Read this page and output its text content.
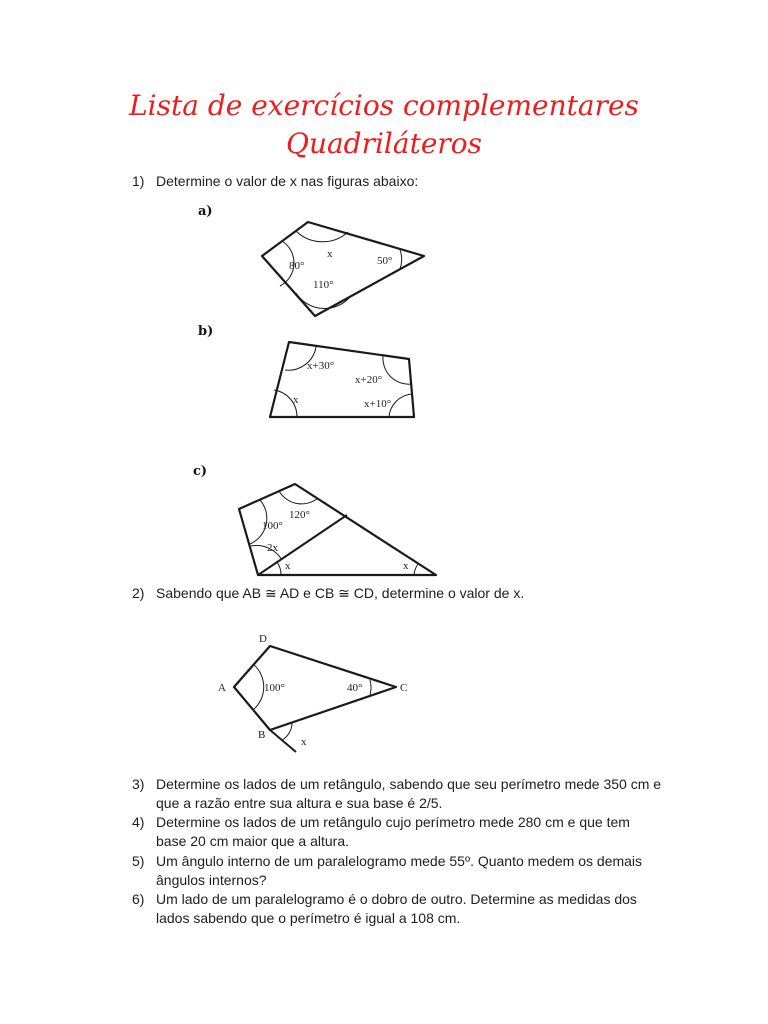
Lista de exercícios complementares
Quadriláteros
1) Determine o valor de x nas figuras abaixo:
a)
x
80°	50°
110°
b)
x+30°
x+20°
x	x+10°
c)
120°
100°
2x
x	x
2) Sabendo que AB ≅ AD e CB ≅ CD, determine o valor de x.
D
A	C
B
100°	40°
x
3) Determine os lados de um retângulo, sabendo que seu perímetro mede 350 cm e que a razão entre sua altura e sua base é 2/5.
4) Determine os lados de um retângulo cujo perímetro mede 280 cm e que tem base 20 cm maior que a altura.
5) Um ângulo interno de um paralelogramo mede 55º. Quanto medem os demais ângulos internos?
6) Um lado de um paralelogramo é o dobro de outro. Determine as medidas dos lados sabendo que o perímetro é igual a 108 cm.
